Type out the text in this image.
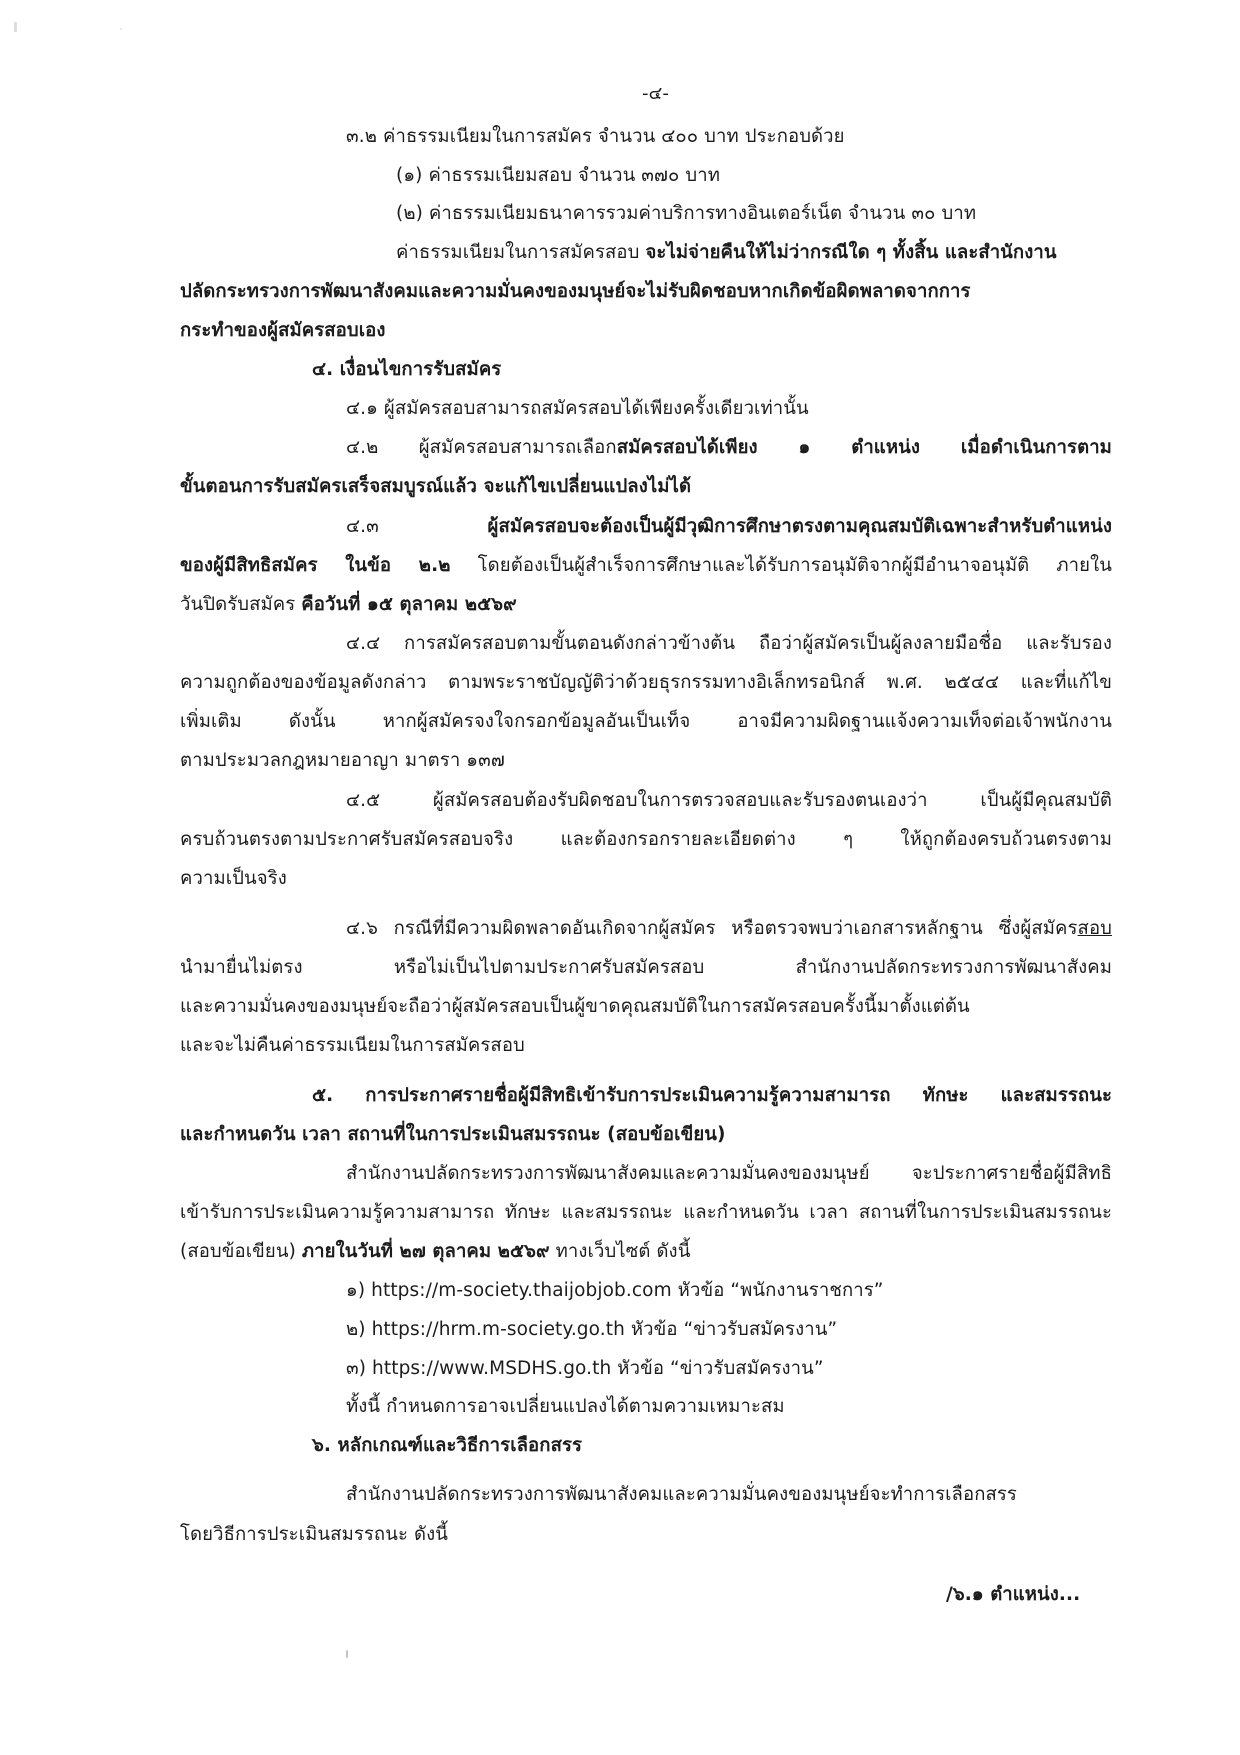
-๔-
๓.๒ ค่าธรรมเนียมในการสมัคร จำนวน ๔๐๐ บาท ประกอบด้วย
(๑) ค่าธรรมเนียมสอบ จำนวน ๓๗๐ บาท
(๒) ค่าธรรมเนียมธนาคารรวมค่าบริการทางอินเตอร์เน็ต จำนวน ๓๐ บาท
ค่าธรรมเนียมในการสมัครสอบ จะไม่จ่ายคืนให้ไม่ว่ากรณีใด ๆ ทั้งสิ้น และสำนักงาน
ปลัดกระทรวงการพัฒนาสังคมและความมั่นคงของมนุษย์จะไม่รับผิดชอบหากเกิดข้อผิดพลาดจากการ
กระทำของผู้สมัครสอบเอง
๔. เงื่อนไขการรับสมัคร
๔.๑ ผู้สมัครสอบสามารถสมัครสอบได้เพียงครั้งเดียวเท่านั้น
๔.๒ ผู้สมัครสอบสามารถเลือกสมัครสอบได้เพียง ๑ ตำแหน่ง เมื่อดำเนินการตาม
ขั้นตอนการรับสมัครเสร็จสมบูรณ์แล้ว จะแก้ไขเปลี่ยนแปลงไม่ได้
๔.๓ ผู้สมัครสอบจะต้องเป็นผู้มีวุฒิการศึกษาตรงตามคุณสมบัติเฉพาะสำหรับตำแหน่ง
ของผู้มีสิทธิสมัคร ในข้อ ๒.๒ โดยต้องเป็นผู้สำเร็จการศึกษาและได้รับการอนุมัติจากผู้มีอำนาจอนุมัติ ภายใน
วันปิดรับสมัคร คือวันที่ ๑๕ ตุลาคม ๒๕๖๙
๔.๔ การสมัครสอบตามขั้นตอนดังกล่าวข้างต้น ถือว่าผู้สมัครเป็นผู้ลงลายมือชื่อ และรับรอง
ความถูกต้องของข้อมูลดังกล่าว ตามพระราชบัญญัติว่าด้วยธุรกรรมทางอิเล็กทรอนิกส์ พ.ศ. ๒๕๔๔ และที่แก้ไข
เพิ่มเติม ดังนั้น หากผู้สมัครจงใจกรอกข้อมูลอันเป็นเท็จ อาจมีความผิดฐานแจ้งความเท็จต่อเจ้าพนักงาน
ตามประมวลกฎหมายอาญา มาตรา ๑๓๗
๔.๕ ผู้สมัครสอบต้องรับผิดชอบในการตรวจสอบและรับรองตนเองว่า เป็นผู้มีคุณสมบัติ
ครบถ้วนตรงตามประกาศรับสมัครสอบจริง และต้องกรอกรายละเอียดต่าง ๆ ให้ถูกต้องครบถ้วนตรงตาม
ความเป็นจริง
๔.๖ กรณีที่มีความผิดพลาดอันเกิดจากผู้สมัคร หรือตรวจพบว่าเอกสารหลักฐาน ซึ่งผู้สมัครสอบ
นำมายื่นไม่ตรง หรือไม่เป็นไปตามประกาศรับสมัครสอบ สำนักงานปลัดกระทรวงการพัฒนาสังคม
และความมั่นคงของมนุษย์จะถือว่าผู้สมัครสอบเป็นผู้ขาดคุณสมบัติในการสมัครสอบครั้งนี้มาตั้งแต่ต้น
และจะไม่คืนค่าธรรมเนียมในการสมัครสอบ
๕. การประกาศรายชื่อผู้มีสิทธิเข้ารับการประเมินความรู้ความสามารถ ทักษะ และสมรรถนะ
และกำหนดวัน เวลา สถานที่ในการประเมินสมรรถนะ (สอบข้อเขียน)
สำนักงานปลัดกระทรวงการพัฒนาสังคมและความมั่นคงของมนุษย์ จะประกาศรายชื่อผู้มีสิทธิ
เข้ารับการประเมินความรู้ความสามารถ ทักษะ และสมรรถนะ และกำหนดวัน เวลา สถานที่ในการประเมินสมรรถนะ
(สอบข้อเขียน) ภายในวันที่ ๒๗ ตุลาคม ๒๕๖๙ ทางเว็บไซต์ ดังนี้
๑) https://m-society.thaijobjob.com หัวข้อ “พนักงานราชการ”
๒) https://hrm.m-society.go.th หัวข้อ “ข่าวรับสมัครงาน”
๓) https://www.MSDHS.go.th หัวข้อ “ข่าวรับสมัครงาน”
ทั้งนี้ กำหนดการอาจเปลี่ยนแปลงได้ตามความเหมาะสม
๖. หลักเกณฑ์และวิธีการเลือกสรร
สำนักงานปลัดกระทรวงการพัฒนาสังคมและความมั่นคงของมนุษย์จะทำการเลือกสรร
โดยวิธีการประเมินสมรรถนะ ดังนี้
/๖.๑ ตำแหน่ง...
